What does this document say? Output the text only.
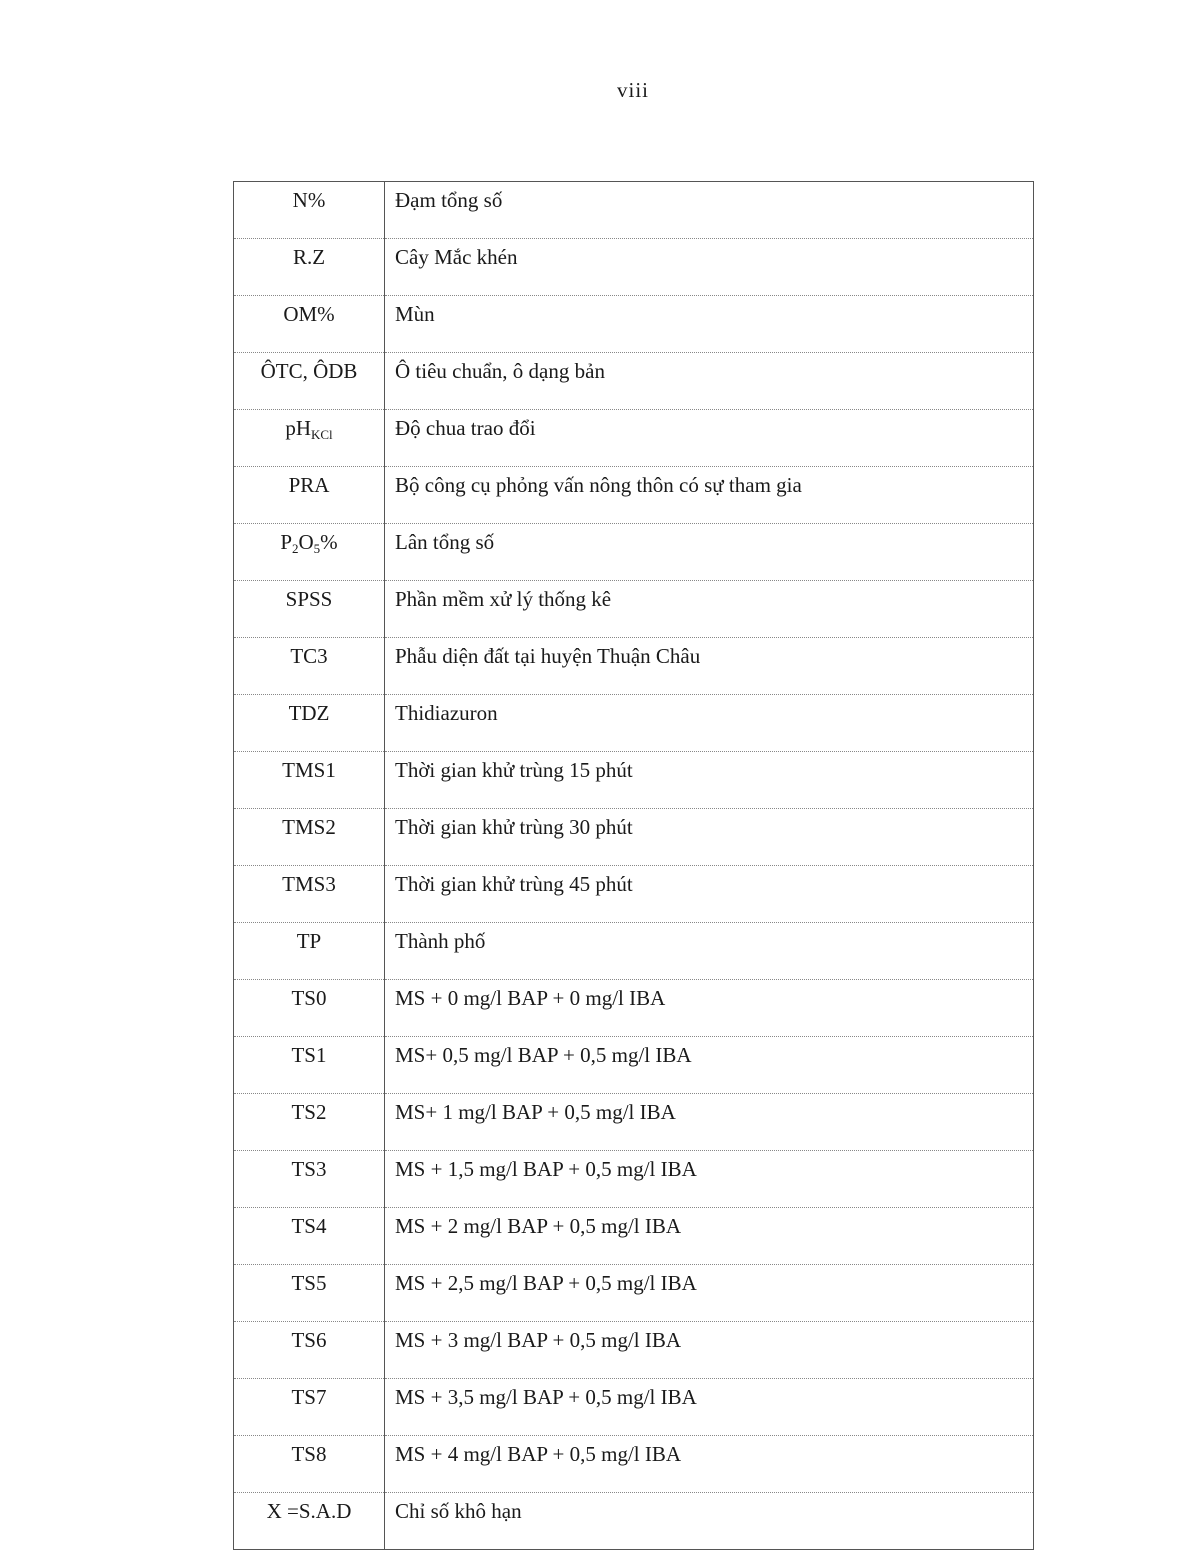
viii
N%	Đạm tổng số
R.Z	Cây Mắc khén
OM%	Mùn
ÔTC, ÔDB	Ô tiêu chuẩn, ô dạng bản
$pH_{KCl}$	Độ chua trao đổi
PRA	Bộ công cụ phỏng vấn nông thôn có sự tham gia
$P_2O_5\%$	Lân tổng số
SPSS	Phần mềm xử lý thống kê
TC3	Phẫu diện đất tại huyện Thuận Châu
TDZ	Thidiazuron
TMS1	Thời gian khử trùng 15 phút
TMS2	Thời gian khử trùng 30 phút
TMS3	Thời gian khử trùng 45 phút
TP	Thành phố
TS0	MS + 0 mg/l BAP + 0 mg/l IBA
TS1	MS+ 0,5 mg/l BAP + 0,5 mg/l IBA
TS2	MS+ 1 mg/l BAP + 0,5 mg/l IBA
TS3	MS + 1,5 mg/l BAP + 0,5 mg/l IBA
TS4	MS + 2 mg/l BAP + 0,5 mg/l IBA
TS5	MS + 2,5 mg/l BAP + 0,5 mg/l IBA
TS6	MS + 3 mg/l BAP + 0,5 mg/l IBA
TS7	MS + 3,5 mg/l BAP + 0,5 mg/l IBA
TS8	MS + 4 mg/l BAP + 0,5 mg/l IBA
X =S.A.D	Chỉ số khô hạn
